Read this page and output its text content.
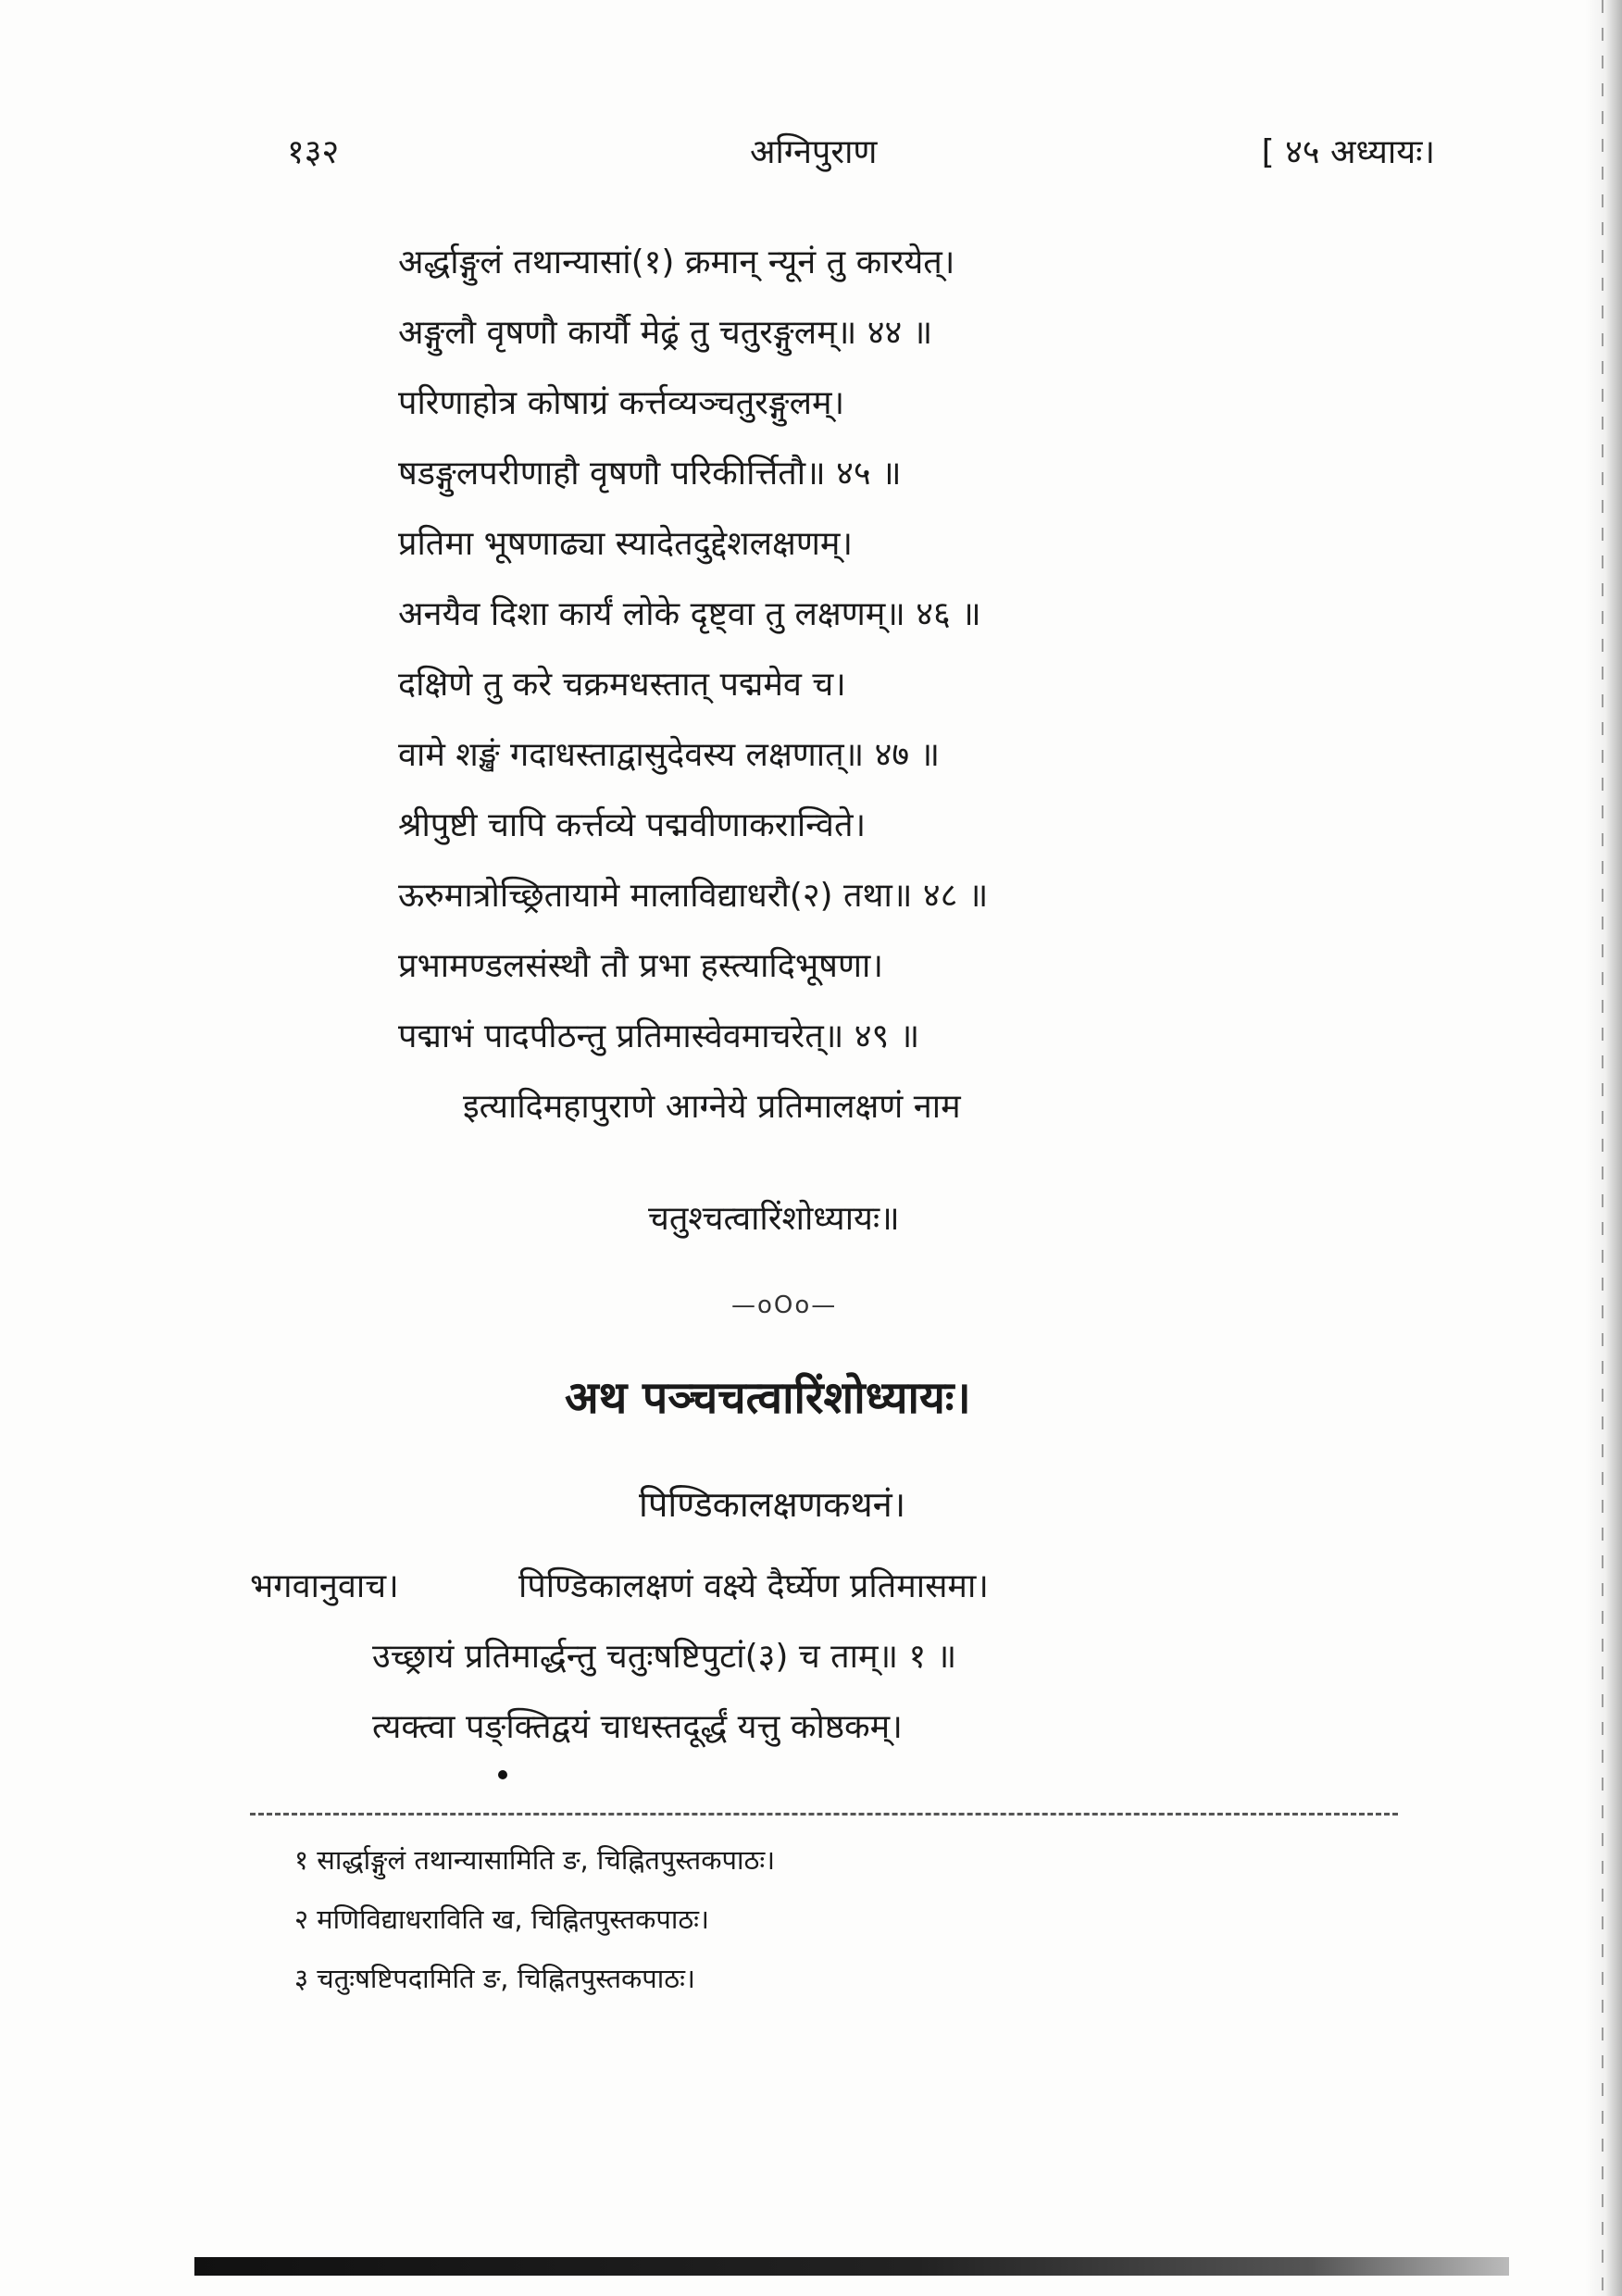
१३२	अग्निपुराण	[ ४५ अध्यायः।
अर्द्धाङ्गुलं तथान्यासां(१) क्रमान् न्यूनं तु कारयेत्।
अङ्गुलौ वृषणौ कार्यौ मेढ्रं तु चतुरङ्गुलम्॥ ४४ ॥
परिणाहोत्र कोषाग्रं कर्त्तव्यञ्चतुरङ्गुलम्।
षडङ्गुलपरीणाहौ वृषणौ परिकीर्त्तितौ॥ ४५ ॥
प्रतिमा भूषणाढ्या स्यादेतदुद्देशलक्षणम्।
अनयैव दिशा कार्यं लोके दृष्ट्वा तु लक्षणम्॥ ४६ ॥
दक्षिणे तु करे चक्रमधस्तात् पद्ममेव च।
वामे शङ्खं गदाधस्ताद्वासुदेवस्य लक्षणात्॥ ४७ ॥
श्रीपुष्टी चापि कर्त्तव्ये पद्मवीणाकरान्विते।
ऊरुमात्रोच्छ्रितायामे मालाविद्याधरौ(२) तथा॥ ४८ ॥
प्रभामण्डलसंस्थौ तौ प्रभा हस्त्यादिभूषणा।
पद्माभं पादपीठन्तु प्रतिमास्वेवमाचरेत्॥ ४९ ॥
इत्यादिमहापुराणे आग्नेये प्रतिमालक्षणं नाम
चतुश्चत्वारिंशोध्यायः॥
—oOo—
अथ पञ्चचत्वारिंशोध्यायः।
पिण्डिकालक्षणकथनं।
भगवानुवाच।	पिण्डिकालक्षणं वक्ष्ये दैर्घ्येण प्रतिमासमा।
उच्छ्रायं प्रतिमार्द्धन्तु चतुःषष्टिपुटां(३) च ताम्॥ १ ॥
त्यक्त्वा पङ्क्तिद्वयं चाधस्तदूर्द्धं यत्तु कोष्ठकम्।
१ सार्द्धाङ्गुलं तथान्यासामिति ङ, चिह्नितपुस्तकपाठः।
२ मणिविद्याधराविति ख, चिह्नितपुस्तकपाठः।
३ चतुःषष्टिपदामिति ङ, चिह्नितपुस्तकपाठः।
